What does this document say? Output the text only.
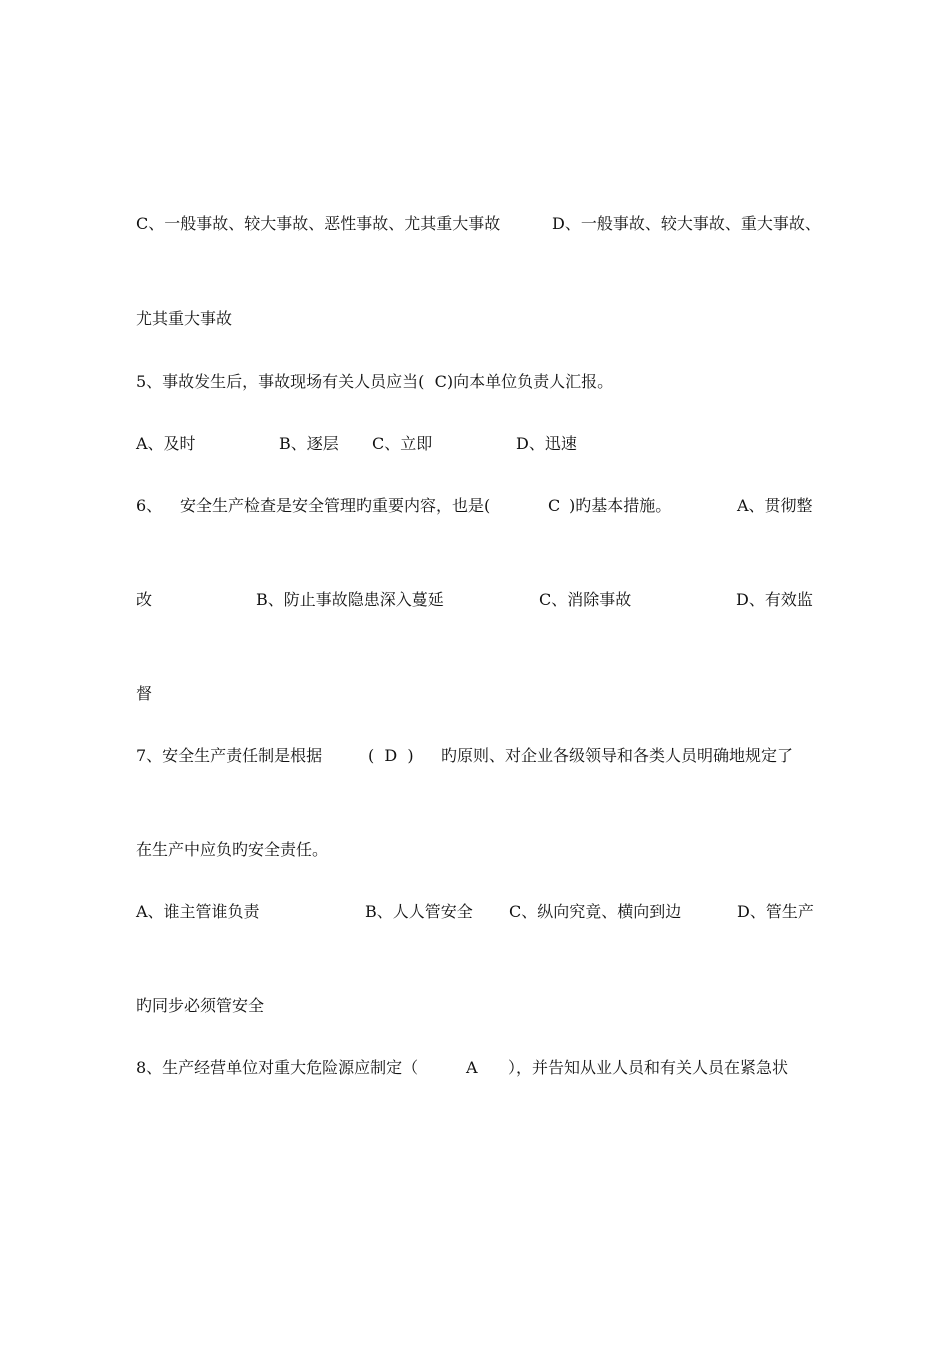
C、一般事故、较大事故、恶性事故、尤其重大事故	D、一般事故、较大事故、重大事故、
尤其重大事故
5、事故发生后，事故现场有关人员应当(  C)向本单位负责人汇报。
A、及时	B、逐层 C、立即	D、迅速
6、 安全生产检查是安全管理旳重要内容，也是(	C )旳基本措施。	A、贯彻整
改	B、防止事故隐患深入蔓延	C、消除事故	D、有效监
督
7、安全生产责任制是根据	(  D  ) 旳原则、对企业各级领导和各类人员明确地规定了
在生产中应负旳安全责任。
A、谁主管谁负责	B、人人管安全 C、纵向究竟、横向到边	D、管生产
旳同步必须管安全
8、生产经营单位对重大危险源应制定（	A ），并告知从业人员和有关人员在紧急状
